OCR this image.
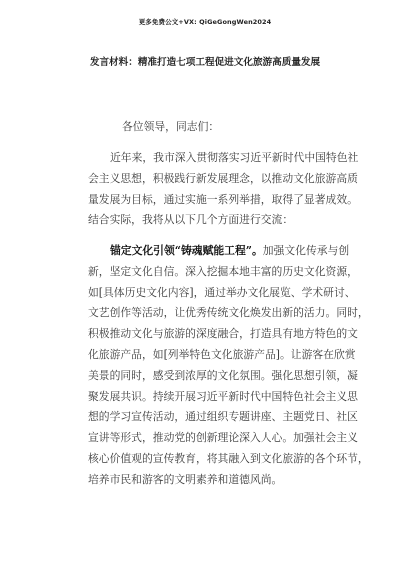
更多免费公文+VX: QiGeGongWen2024
发言材料：精准打造七项工程促进文化旅游高质量发展
各位领导，同志们：
近年来，我市深入贯彻落实习近平新时代中国特色社
会主义思想，积极践行新发展理念，以推动文化旅游高质
量发展为目标，通过实施一系列举措，取得了显著成效。
结合实际，我将从以下几个方面进行交流：
锚定文化引领“铸魂赋能工程”。加强文化传承与创
新，坚定文化自信。深入挖掘本地丰富的历史文化资源，
如[具体历史文化内容]，通过举办文化展览、学术研讨、
文艺创作等活动，让优秀传统文化焕发出新的活力。同时，
积极推动文化与旅游的深度融合，打造具有地方特色的文
化旅游产品，如[列举特色文化旅游产品]。让游客在欣赏
美景的同时，感受到浓厚的文化氛围。强化思想引领，凝
聚发展共识。持续开展习近平新时代中国特色社会主义思
想的学习宣传活动，通过组织专题讲座、主题党日、社区
宣讲等形式，推动党的创新理论深入人心。加强社会主义
核心价值观的宣传教育，将其融入到文化旅游的各个环节，
培养市民和游客的文明素养和道德风尚。
